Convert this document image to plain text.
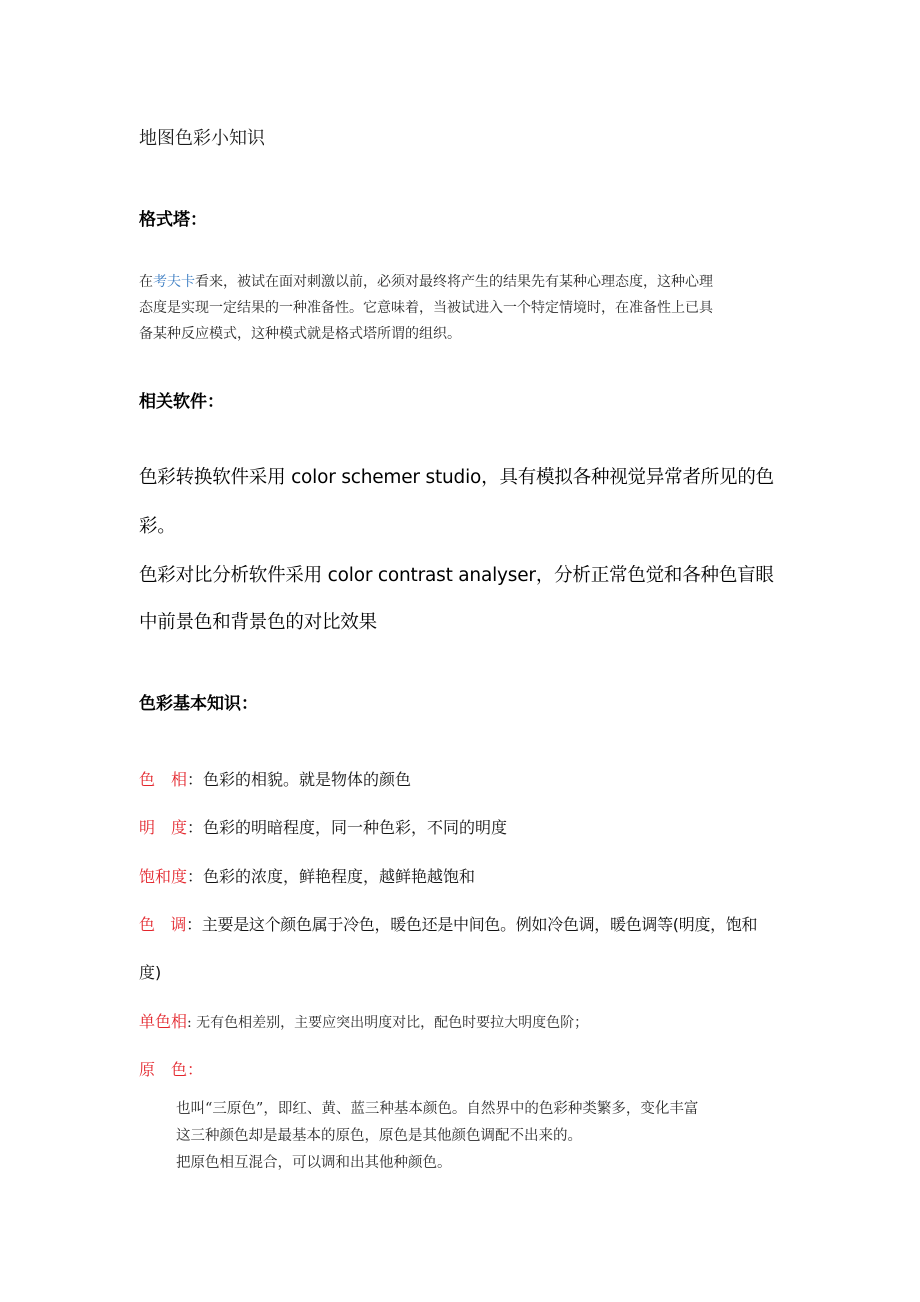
地图色彩小知识
格式塔：
在考夫卡看来，被试在面对刺激以前，必须对最终将产生的结果先有某种心理态度，这种心理
态度是实现一定结果的一种准备性。它意味着，当被试进入一个特定情境时，在准备性上已具
备某种反应模式，这种模式就是格式塔所谓的组织。
相关软件：
色彩转换软件采用 color schemer studio，具有模拟各种视觉异常者所见的色
彩。
色彩对比分析软件采用 color contrast analyser，分析正常色觉和各种色盲眼
中前景色和背景色的对比效果
色彩基本知识：
色　相：色彩的相貌。就是物体的颜色
明　度：色彩的明暗程度，同一种色彩，不同的明度
饱和度：色彩的浓度，鲜艳程度，越鲜艳越饱和
色　调：主要是这个颜色属于冷色，暖色还是中间色。例如冷色调，暖色调等(明度，饱和
度)
单色相: 无有色相差别，主要应突出明度对比，配色时要拉大明度色阶；
原　色：
也叫“三原色”，即红、黄、蓝三种基本颜色。自然界中的色彩种类繁多，变化丰富
这三种颜色却是最基本的原色，原色是其他颜色调配不出来的。
把原色相互混合，可以调和出其他种颜色。
